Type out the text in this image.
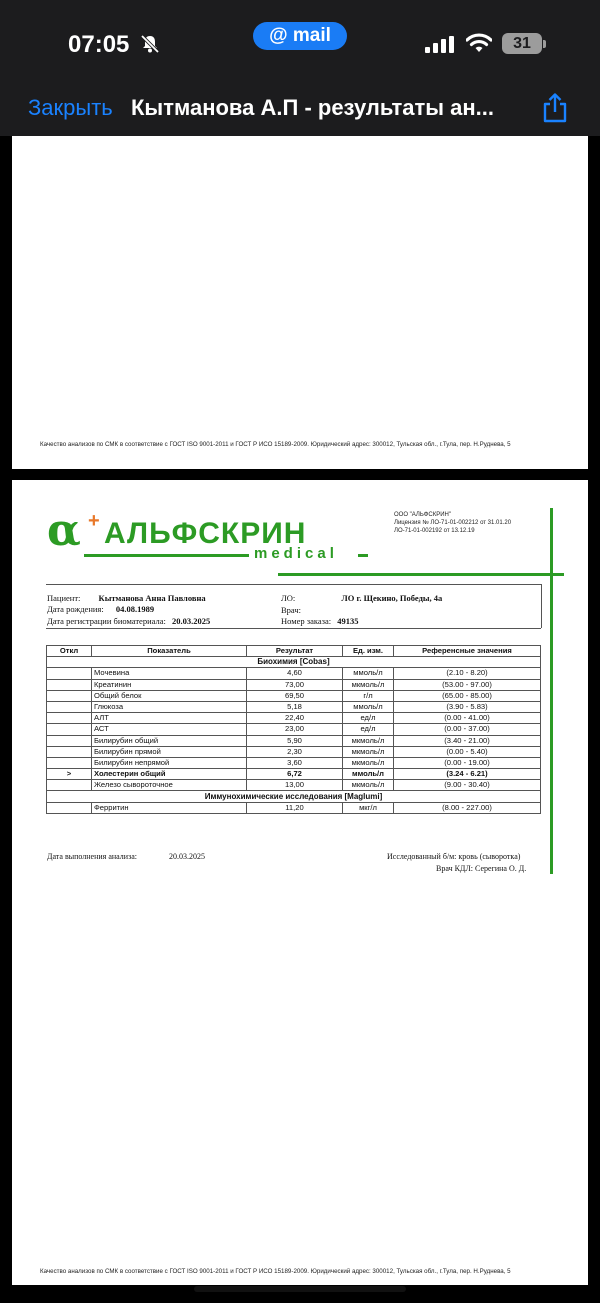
07:05	@ mail	31
Закрыть Кытманова А.П - результаты ан...
Качество анализов по СМК в соответствие с ГОСТ ISO 9001-2011 и ГОСТ Р ИСО 15189-2009. Юридический адрес: 300012, Тульская обл., г.Тула, пер. Н.Руднева, 5
α + АЛЬФСКРИН
medical
ООО "АЛЬФСКРИН"
Лицензия № ЛО-71-01-002212 от 31.01.20
ЛО-71-01-002192 от 13.12.19
Пациент: Кытманова Анна Павловна
Дата рождения: 04.08.1989
Дата регистрации биоматериала: 20.03.2025
ЛО:	ЛО г. Щекино, Победы, 4а
Врач:
Номер заказа: 49135
Откл	Показатель	Результат	Ед. изм.	Референсные значения
Биохимия [Cobas]				
	Мочевина	4,60	ммоль/л	(2.10 - 8.20)
	Креатинин	73,00	мкмоль/л	(53.00 - 97.00)
	Общий белок	69,50	г/л	(65.00 - 85.00)
	Глюкоза	5,18	ммоль/л	(3.90 - 5.83)
	АЛТ	22,40	ед/л	(0.00 - 41.00)
	АСТ	23,00	ед/л	(0.00 - 37.00)
	Билирубин общий	5,90	мкмоль/л	(3.40 - 21.00)
	Билирубин прямой	2,30	мкмоль/л	(0.00 - 5.40)
	Билирубин непрямой	3,60	мкмоль/л	(0.00 - 19.00)
>	Холестерин общий	6,72	ммоль/л	(3.24 - 6.21)
	Железо сывороточное	13,00	мкмоль/л	(9.00 - 30.40)
Иммунохимические исследования [Maglumi]				
	Ферритин	11,20	мкг/л	(8.00 - 227.00)
Дата выполнения анализа:	20.03.2025	Исследованный б/м: кровь (сыворотка)
Врач КДЛ: Серегина О. Д.
Качество анализов по СМК в соответствие с ГОСТ ISO 9001-2011 и ГОСТ Р ИСО 15189-2009. Юридический адрес: 300012, Тульская обл., г.Тула, пер. Н.Руднева, 5
